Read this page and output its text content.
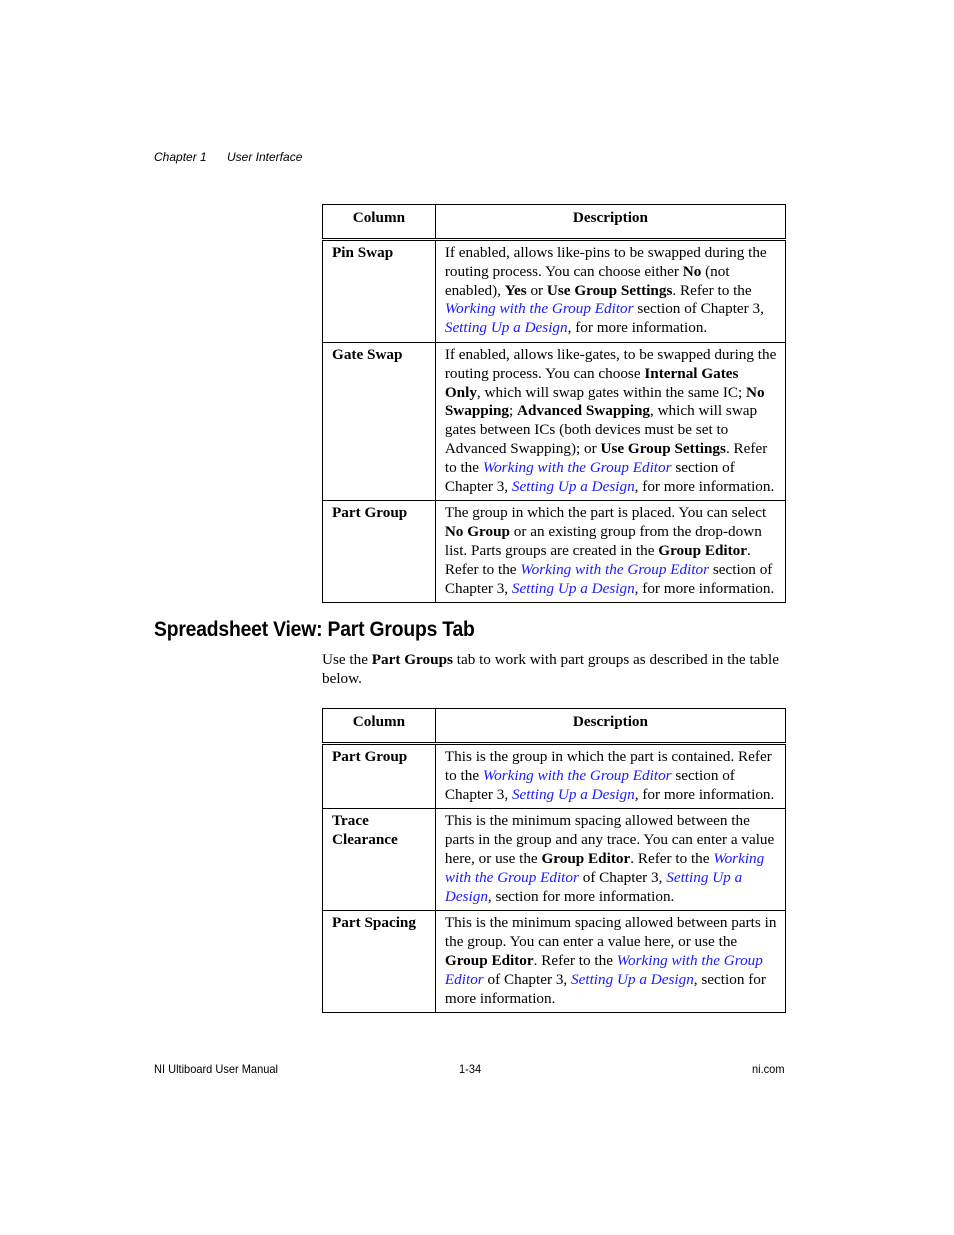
Chapter 1 User Interface
Column	Description
Pin Swap	If enabled, allows like-pins to be swapped during the routing process. You can choose either No (not enabled), Yes or Use Group Settings. Refer to the Working with the Group Editor section of Chapter 3, Setting Up a Design, for more information.
Gate Swap	If enabled, allows like-gates, to be swapped during the routing process. You can choose Internal Gates Only, which will swap gates within the same IC; No Swapping; Advanced Swapping, which will swap gates between ICs (both devices must be set to Advanced Swapping); or Use Group Settings. Refer to the Working with the Group Editor section of Chapter 3, Setting Up a Design, for more information.
Part Group	The group in which the part is placed. You can select No Group or an existing group from the drop-down list. Parts groups are created in the Group Editor. Refer to the Working with the Group Editor section of Chapter 3, Setting Up a Design, for more information.
Spreadsheet View: Part Groups Tab

Use the Part Groups tab to work with part groups as described in the table below.

Column	Description
Part Group	This is the group in which the part is contained. Refer to the Working with the Group Editor section of Chapter 3, Setting Up a Design, for more information.
Trace Clearance	This is the minimum spacing allowed between the parts in the group and any trace. You can enter a value here, or use the Group Editor. Refer to the Working with the Group Editor of Chapter 3, Setting Up a Design, section for more information.
Part Spacing	This is the minimum spacing allowed between parts in the group. You can enter a value here, or use the Group Editor. Refer to the Working with the Group Editor of Chapter 3, Setting Up a Design, section for more information.
NI Ultiboard User Manual	1-34	ni.com
